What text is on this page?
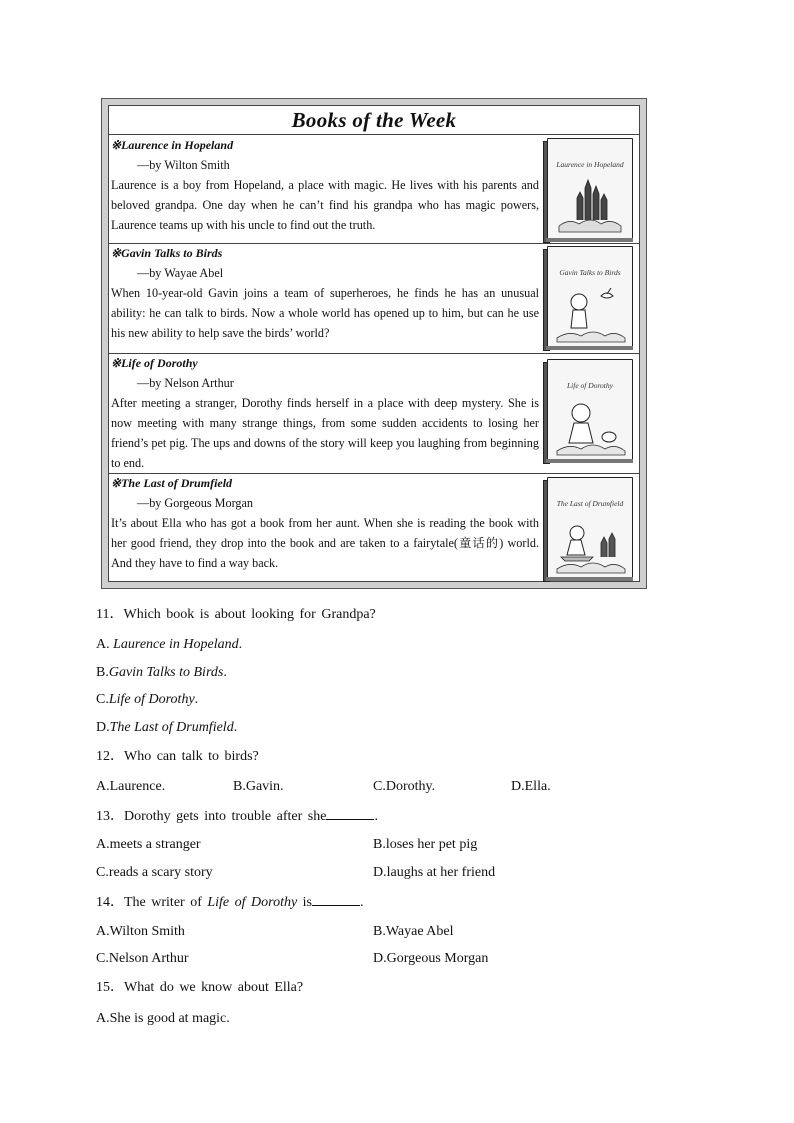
Books of the Week
※Laurence in Hopeland
—by Wilton Smith
Laurence is a boy from Hopeland, a place with magic. He lives with his parents and beloved grandpa. One day when he can’t find his grandpa who has magic powers, Laurence teams up with his uncle to find out the truth.
Laurence in Hopeland
※Gavin Talks to Birds
—by Wayae Abel
When 10-year-old Gavin joins a team of superheroes, he finds he has an unusual ability: he can talk to birds. Now a whole world has opened up to him, but can he use his new ability to help save the birds’ world?
Gavin Talks to Birds
※Life of Dorothy
—by Nelson Arthur
After meeting a stranger, Dorothy finds herself in a place with deep mystery. She is now meeting with many strange things, from some sudden accidents to losing her friend’s pet pig. The ups and downs of the story will keep you laughing from beginning to end.
Life of Dorothy
※The Last of Drumfield
—by Gorgeous Morgan
It’s about Ella who has got a book from her aunt. When she is reading the book with her good friend, they drop into the book and are taken to a fairytale(童话的) world. And they have to find a way back.
The Last of Drumfield
11．Which book is about looking for Grandpa?
A. Laurence in Hopeland.
B.Gavin Talks to Birds.
C.Life of Dorothy.
D.The Last of Drumfield.
12．Who can talk to birds?
A.Laurence.	B.Gavin.	C.Dorothy.	D.Ella.
13．Dorothy gets into trouble after she	.
A.meets a stranger	B.loses her pet pig
C.reads a scary story	D.laughs at her friend
14．The writer of Life of Dorothy is	.
A.Wilton Smith	B.Wayae Abel
C.Nelson Arthur	D.Gorgeous Morgan
15．What do we know about Ella?
A.She is good at magic.
